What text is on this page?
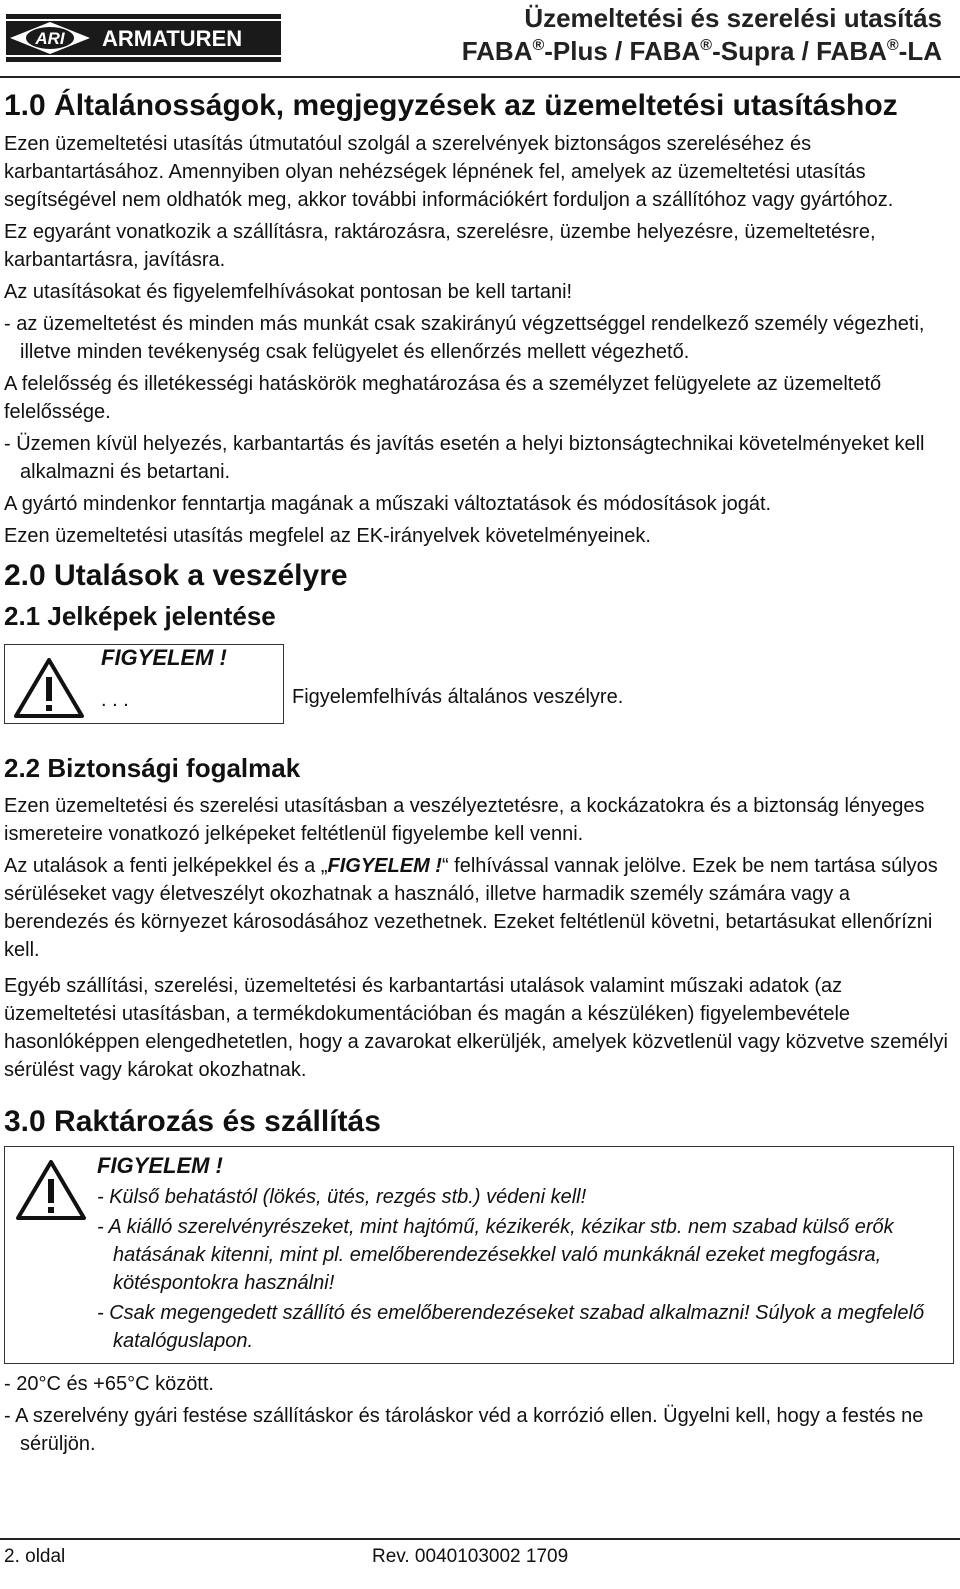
ARI ARMATUREN
Üzemeltetési és szerelési utasítás
FABA®-Plus / FABA®-Supra / FABA®-LA
1.0 Általánosságok, megjegyzések az üzemeltetési utasításhoz

Ezen üzemeltetési utasítás útmutatóul szolgál a szerelvények biztonságos szereléséhez és karbantartásához. Amennyiben olyan nehézségek lépnének fel, amelyek az üzemeltetési utasítás segítségével nem oldhatók meg, akkor további információkért forduljon a szállítóhoz vagy gyártóhoz.

Ez egyaránt vonatkozik a szállításra, raktározásra, szerelésre, üzembe helyezésre, üzemeltetésre, karbantartásra, javításra.

Az utasításokat és figyelemfelhívásokat pontosan be kell tartani!

- az üzemeltetést és minden más munkát csak szakirányú végzettséggel rendelkező személy végezheti, illetve minden tevékenység csak felügyelet és ellenőrzés mellett végezhető.

A felelősség és illetékességi hatáskörök meghatározása és a személyzet felügyelete az üzemeltető felelőssége.

- Üzemen kívül helyezés, karbantartás és javítás esetén a helyi biztonságtechnikai követelményeket kell alkalmazni és betartani.

A gyártó mindenkor fenntartja magának a műszaki változtatások és módosítások jogát.

Ezen üzemeltetési utasítás megfelel az EK-irányelvek követelményeinek.

2.0 Utalások a veszélyre
2.1 Jelképek jelentése
FIGYELEM !
. . .	Figyelemfelhívás általános veszélyre.
2.2 Biztonsági fogalmak

Ezen üzemeltetési és szerelési utasításban a veszélyeztetésre, a kockázatokra és a biztonság lényeges ismereteire vonatkozó jelképeket feltétlenül figyelembe kell venni.

Az utalások a fenti jelképekkel és a „FIGYELEM !“ felhívással vannak jelölve. Ezek be nem tartása súlyos sérüléseket vagy életveszélyt okozhatnak a használó, illetve harmadik személy számára vagy a berendezés és környezet károsodásához vezethetnek. Ezeket feltétlenül követni, betartásukat ellenőrízni kell.

Egyéb szállítási, szerelési, üzemeltetési és karbantartási utalások valamint műszaki adatok (az üzemeltetési utasításban, a termékdokumentációban és magán a készüléken) figyelembevétele hasonlóképpen elengedhetetlen, hogy a zavarokat elkerüljék, amelyek közvetlenül vagy közvetve személyi sérülést vagy károkat okozhatnak.

3.0 Raktározás és szállítás
FIGYELEM !
- Külső behatástól (lökés, ütés, rezgés stb.) védeni kell!
- A kiálló szerelvényrészeket, mint hajtómű, kézikerék, kézikar stb. nem szabad külső erők hatásának kitenni, mint pl. emelőberendezésekkel való munkáknál ezeket megfogásra, kötéspontokra használni!
- Csak megengedett szállító és emelőberendezéseket szabad alkalmazni! Súlyok a megfelelő katalóguslapon.

- 20°C és +65°C között.

- A szerelvény gyári festése szállításkor és tároláskor véd a korrózió ellen. Ügyelni kell, hogy a festés ne sérüljön.

2. oldal	Rev. 0040103002 1709
